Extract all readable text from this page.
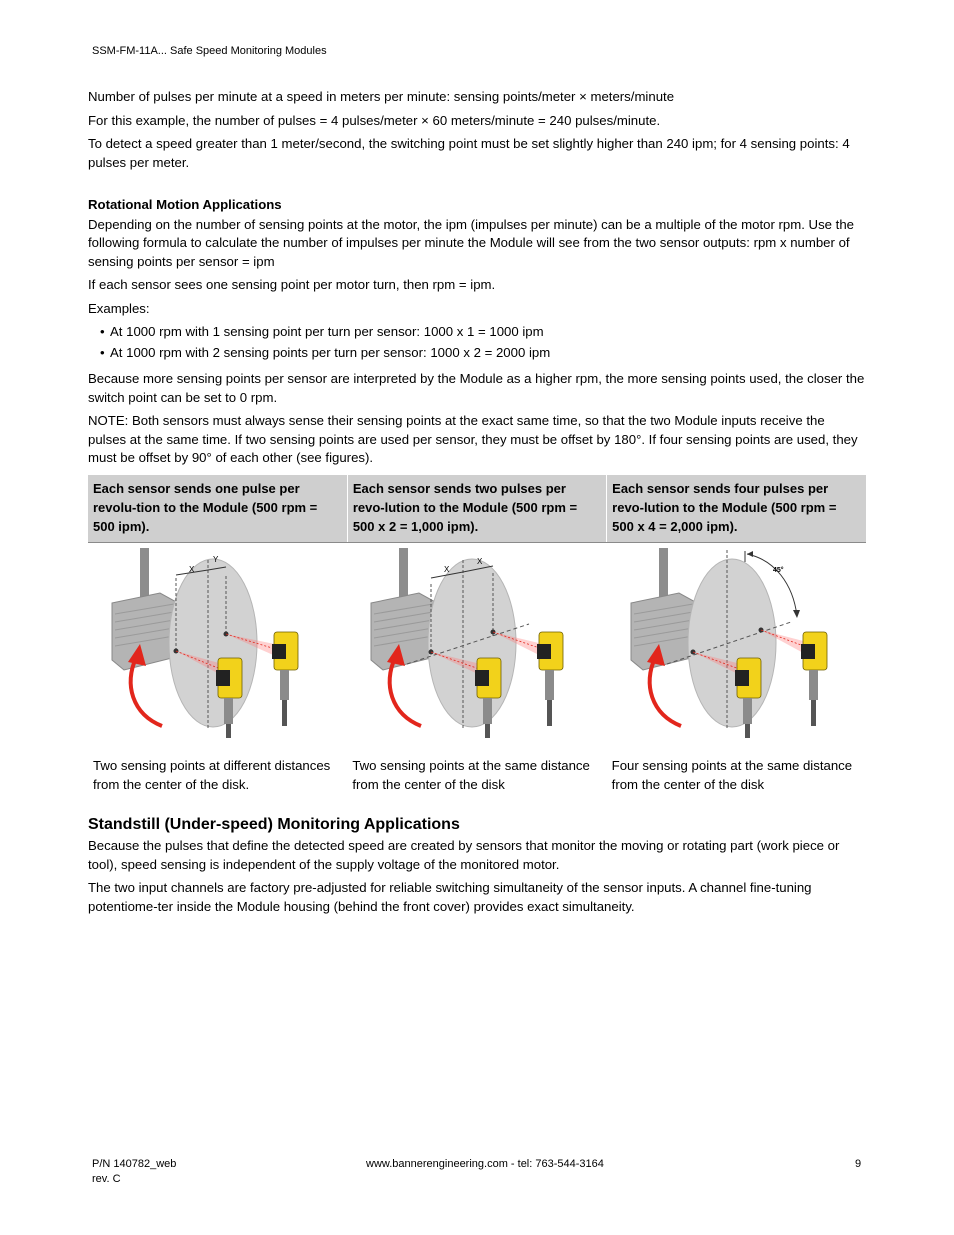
SSM-FM-11A... Safe Speed Monitoring Modules

Number of pulses per minute at a speed in meters per minute: sensing points/meter × meters/minute

For this example, the number of pulses = 4 pulses/meter × 60 meters/minute = 240 pulses/minute.

To detect a speed greater than 1 meter/second, the switching point must be set slightly higher than 240 ipm; for 4 sensing points: 4 pulses per meter.

Rotational Motion Applications

Depending on the number of sensing points at the motor, the ipm (impulses per minute) can be a multiple of the motor rpm. Use the following formula to calculate the number of impulses per minute the Module will see from the two sensor outputs: rpm x number of sensing points per sensor = ipm

If each sensor sees one sensing point per motor turn, then rpm = ipm.

Examples:

• At 1000 rpm with 1 sensing point per turn per sensor: 1000 x 1 = 1000 ipm
• At 1000 rpm with 2 sensing points per turn per sensor: 1000 x 2 = 2000 ipm

Because more sensing points per sensor are interpreted by the Module as a higher rpm, the more sensing points used, the closer the switch point can be set to 0 rpm.

NOTE: Both sensors must always sense their sensing points at the exact same time, so that the two Module inputs receive the pulses at the same time. If two sensing points are used per sensor, they must be offset by 180°. If four sensing points are used, they must be offset by 90° of each other (see figures).

Each sensor sends one pulse per revolu-tion to the Module (500 rpm = 500 ipm).	Each sensor sends two pulses per revo-lution to the Module (500 rpm = 500 x 2 = 1,000 ipm).	Each sensor sends four pulses per revo-lution to the Module (500 rpm = 500 x 4 = 2,000 ipm).

X
Y	X
X	45°

Two sensing points at different distances from the center of the disk.	Two sensing points at the same distance from the center of the disk	Four sensing points at the same distance from the center of the disk
Standstill (Under-speed) Monitoring Applications

Because the pulses that define the detected speed are created by sensors that monitor the moving or rotating part (work piece or tool), speed sensing is independent of the supply voltage of the monitored motor.

The two input channels are factory pre-adjusted for reliable switching simultaneity of the sensor inputs. A channel fine-tuning potentiome-ter inside the Module housing (behind the front cover) provides exact simultaneity.

P/N 140782_web
rev. C
www.bannerengineering.com - tel: 763-544-3164	9
